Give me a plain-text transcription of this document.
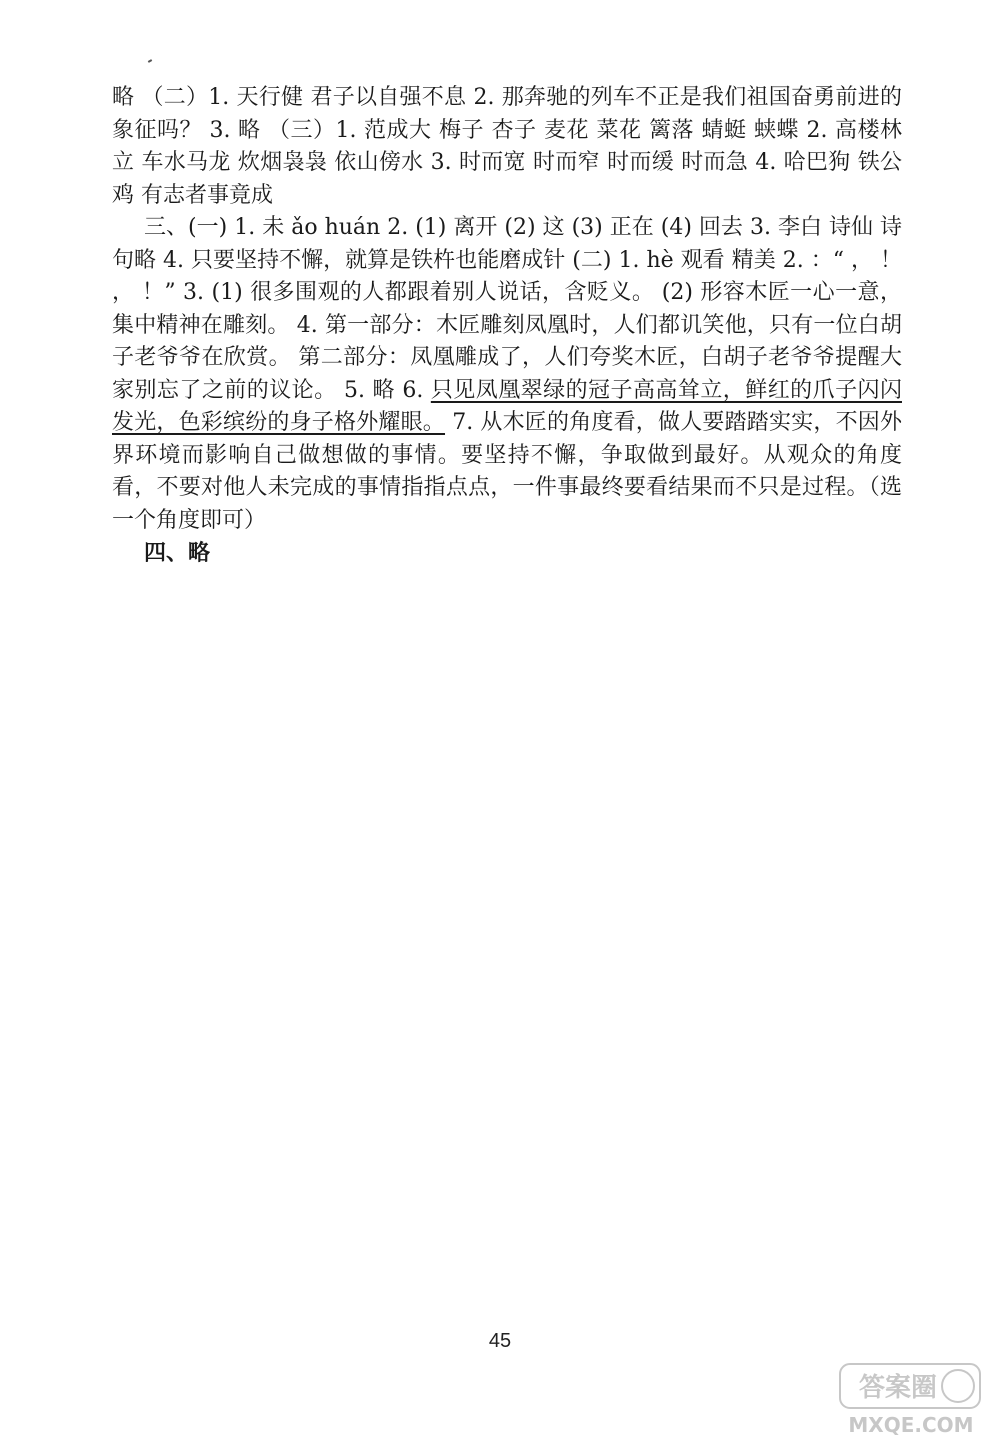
略 （二）1. 天行健 君子以自强不息 2. 那奔驰的列车不正是我们祖国奋勇前进的象征吗？ 3. 略 （三）1. 范成大 梅子 杏子 麦花 菜花 篱落 蜻蜓 蛱蝶 2. 高楼林立 车水马龙 炊烟袅袅 依山傍水 3. 时而宽 时而窄 时而缓 时而急 4. 哈巴狗 铁公鸡 有志者事竟成

三、(一) 1. 未 ǎo huán 2. (1) 离开 (2) 这 (3) 正在 (4) 回去 3. 李白 诗仙 诗句略 4. 只要坚持不懈，就算是铁杵也能磨成针 (二) 1. hè 观看 精美 2. ：“ ， ！ ， ！” 3. (1) 很多围观的人都跟着别人说话，含贬义。 (2) 形容木匠一心一意，集中精神在雕刻。 4. 第一部分：木匠雕刻凤凰时，人们都讥笑他，只有一位白胡子老爷爷在欣赏。 第二部分：凤凰雕成了，人们夸奖木匠，白胡子老爷爷提醒大家别忘了之前的议论。 5. 略 6. 只见凤凰翠绿的冠子高高耸立，鲜红的爪子闪闪发光，色彩缤纷的身子格外耀眼。 7. 从木匠的角度看，做人要踏踏实实，不因外界环境而影响自己做想做的事情。要坚持不懈，争取做到最好。从观众的角度看，不要对他人未完成的事情指指点点，一件事最终要看结果而不只是过程。（选一个角度即可）

四、略

45
答案圈
MXQE.COM
